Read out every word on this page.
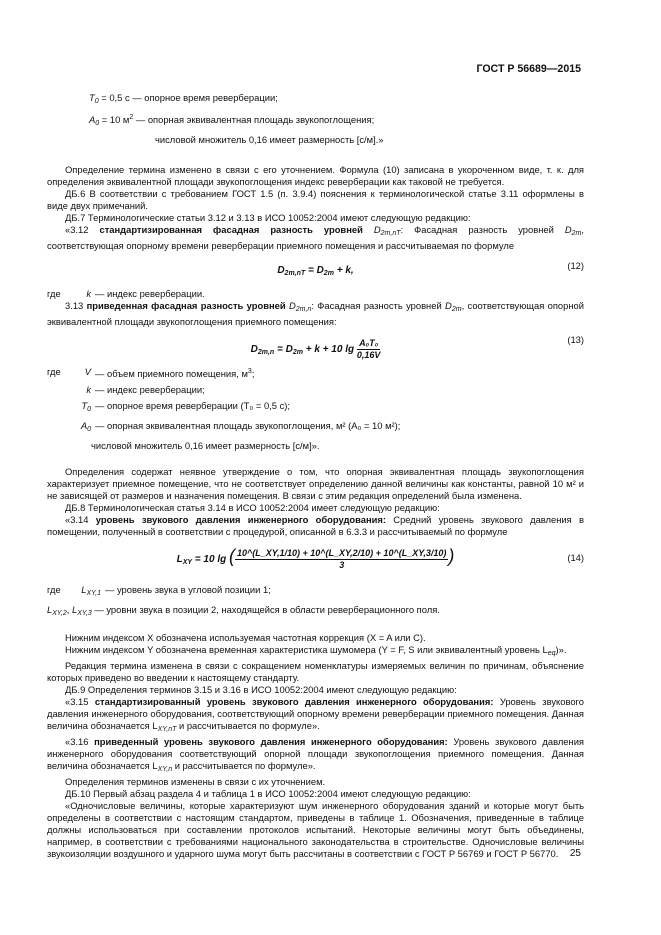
ГОСТ Р 56689—2015

$T_0 = 0,5$ с — опорное время реверберации;

$A_0 = 10$ $м^2$ — опорная эквивалентная площадь звукопоглощения;

числовой множитель 0,16 имеет размерность [с/м].»

Определение термина изменено в связи с его уточнением. Формула (10) записана в укороченном виде, т. к. для определения эквивалентной площади звукопоглощения индекс реверберации как таковой не требуется.

ДБ.6 В соответствии с требованием ГОСТ 1.5 (п. 3.9.4) пояснения к терминологической статье 3.11 оформлены в виде двух примечаний.

ДБ.7 Терминологические статьи 3.12 и 3.13 в ИСО 10052:2004 имеют следующую редакцию:

«3.12 стандартизированная фасадная разность уровней $D_{2m,nT}$: Фасадная разность уровней $D_{2m}$, соответствующая опорному времени реверберации приемного помещения и рассчитываемая по формуле

$D_{2m,nT} = D_{2m} + k$,	(12)
где	k — индекс реверберации.

3.13 приведенная фасадная разность уровней $D_{2m,n}$: Фасадная разность уровней $D_{2m}$, соответствующая опорной эквивалентной площади звукопоглощения приемного помещения:

$D_{2m,n} = D_{2m} + k + 10$ $\lg \frac{\text{A₀T₀}}{0,16V}$	(13)
где	V — объем приемного помещения, $м^3$;
k — индекс реверберации;
$T_0$ — опорное время реверберации (T₀ = 0,5 с);
$A_0$ — опорная эквивалентная площадь звукопоглощения, м² (A₀ = 10 м²);

числовой множитель 0,16 имеет размерность [с/м]».

Определения содержат неявное утверждение о том, что опорная эквивалентная площадь звукопоглощения характеризует приемное помещение, что не соответствует определению данной величины как константы, равной 10 м² и не зависящей от размеров и назначения помещения. В связи с этим редакция определений была изменена.

ДБ.8 Терминологическая статья 3.14 в ИСО 10052:2004 имеет следующую редакцию:

«3.14 уровень звукового давления инженерного оборудования: Средний уровень звукового давления в помещении, полученный в соответствии с процедурой, описанной в 6.3.3 и рассчитываемый по формуле

$L_{XY} = 10$ lg ( $\frac{10\^{}(L\_XY,1/10) + 10\^{}(L\_XY,2/10) + 10\^{}(L\_XY,3/10)}{3}$ )	(14)
где	$L_{XY,1}$ — уровень звука в угловой позиции 1;

$L_{XY,2}$, $L_{XY,3}$ — уровни звука в позиции 2, находящейся в области реверберационного поля.

Нижним индексом X обозначена используемая частотная коррекция (X = A или C).

Нижним индексом Y обозначена временная характеристика шумомера (Y = F, S или эквивалентный уровень $L_{eq}$)».

Редакция термина изменена в связи с сокращением номенклатуры измеряемых величин по причинам, объяснение которых приведено во введении к настоящему стандарту.

ДБ.9 Определения терминов 3.15 и 3.16 в ИСО 10052:2004 имеют следующую редакцию:

«3.15 стандартизированный уровень звукового давления инженерного оборудования: Уровень звукового давления инженерного оборудования, соответствующий опорному времени реверберации приемного помещения. Данная величина обозначается $L_{XY,nT}$ и рассчитывается по формуле».

«3.16 приведенный уровень звукового давления инженерного оборудования: Уровень звукового давления инженерного оборудования соответствующий опорной площади звукопоглощения приемного помещения. Данная величина обозначается $L_{XY,n}$ и рассчитывается по формуле».

Определения терминов изменены в связи с их уточнением.

ДБ.10 Первый абзац раздела 4 и таблица 1 в ИСО 10052:2004 имеют следующую редакцию:

«Одночисловые величины, которые характеризуют шум инженерного оборудования зданий и которые могут быть определены в соответствии с настоящим стандартом, приведены в таблице 1. Обозначения, приведенные в таблице должны использоваться при составлении протоколов испытаний. Некоторые величины могут быть объединены, например, в соответствии с требованиями национального законодательства в строительстве. Одночисловые величины звукоизоляции воздушного и ударного шума могут быть рассчитаны в соответствии с ГОСТ Р 56769 и ГОСТ Р 56770.	25
